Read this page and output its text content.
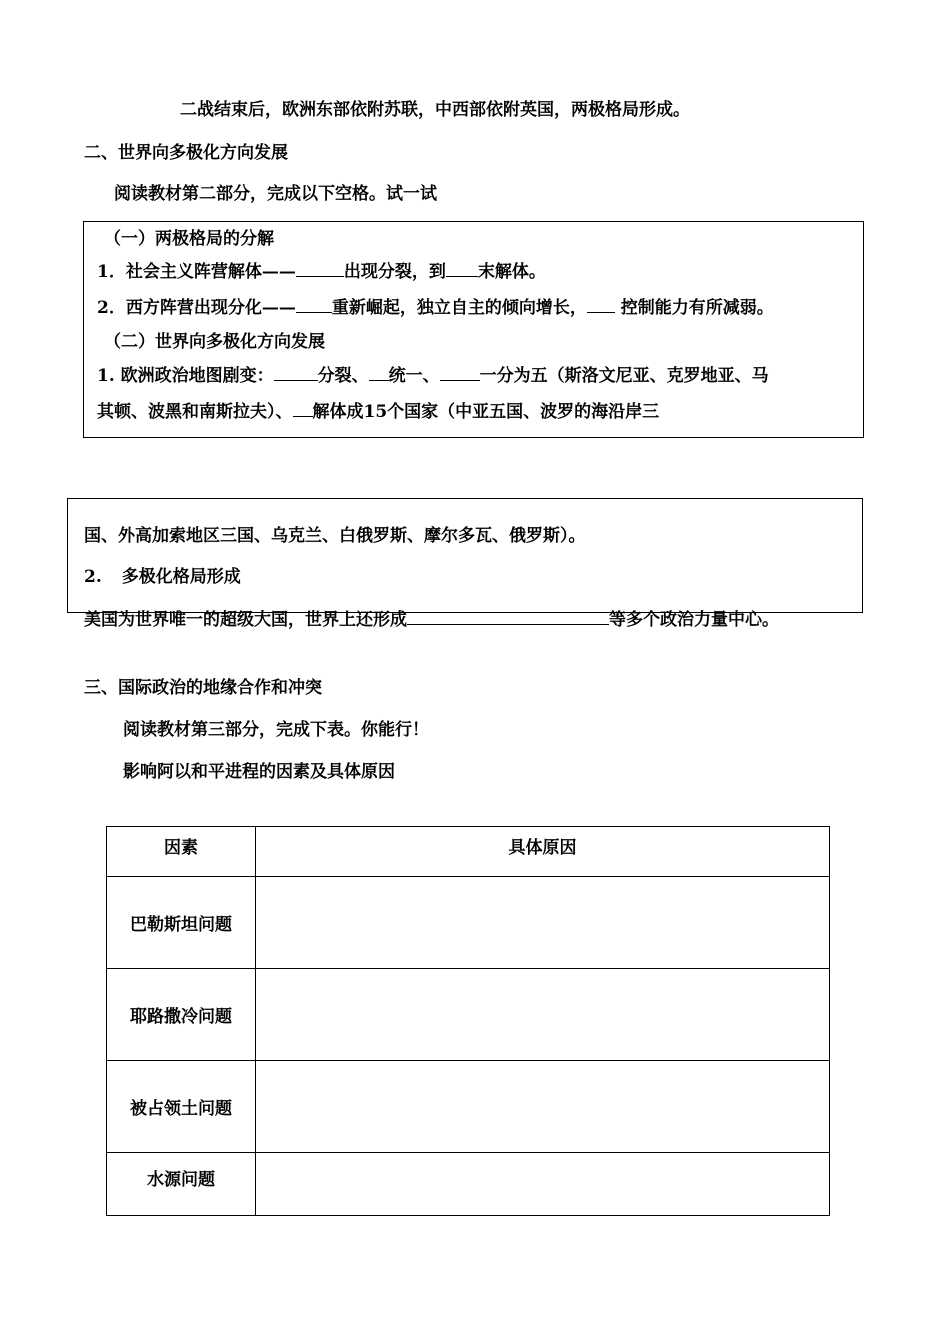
二战结束后，欧洲东部依附苏联，中西部依附英国，两极格局形成。
二、世界向多极化方向发展
阅读教材第二部分，完成以下空格。试一试
（一）两极格局的分解
1．社会主义阵营解体——	出现分裂，到 末解体。
2．西方阵营出现分化—— 重新崛起，独立自主的倾向增长， 控制能力有所减弱。
（二）世界向多极化方向发展
1. 欧洲政治地图剧变：	分裂、 统一、 一分为五（斯洛文尼亚、克罗地亚、马
其顿、波黑和南斯拉夫）、 解体成15个国家（中亚五国、波罗的海沿岸三
国、外高加索地区三国、乌克兰、白俄罗斯、摩尔多瓦、俄罗斯）。
2. 多极化格局形成
美国为世界唯一的超级大国，世界上还形成	等多个政治力量中心。
三、国际政治的地缘合作和冲突
阅读教材第三部分，完成下表。你能行！
影响阿以和平进程的因素及具体原因
因素	具体原因
巴勒斯坦问题	
耶路撒冷问题	
被占领土问题	
水源问题	
